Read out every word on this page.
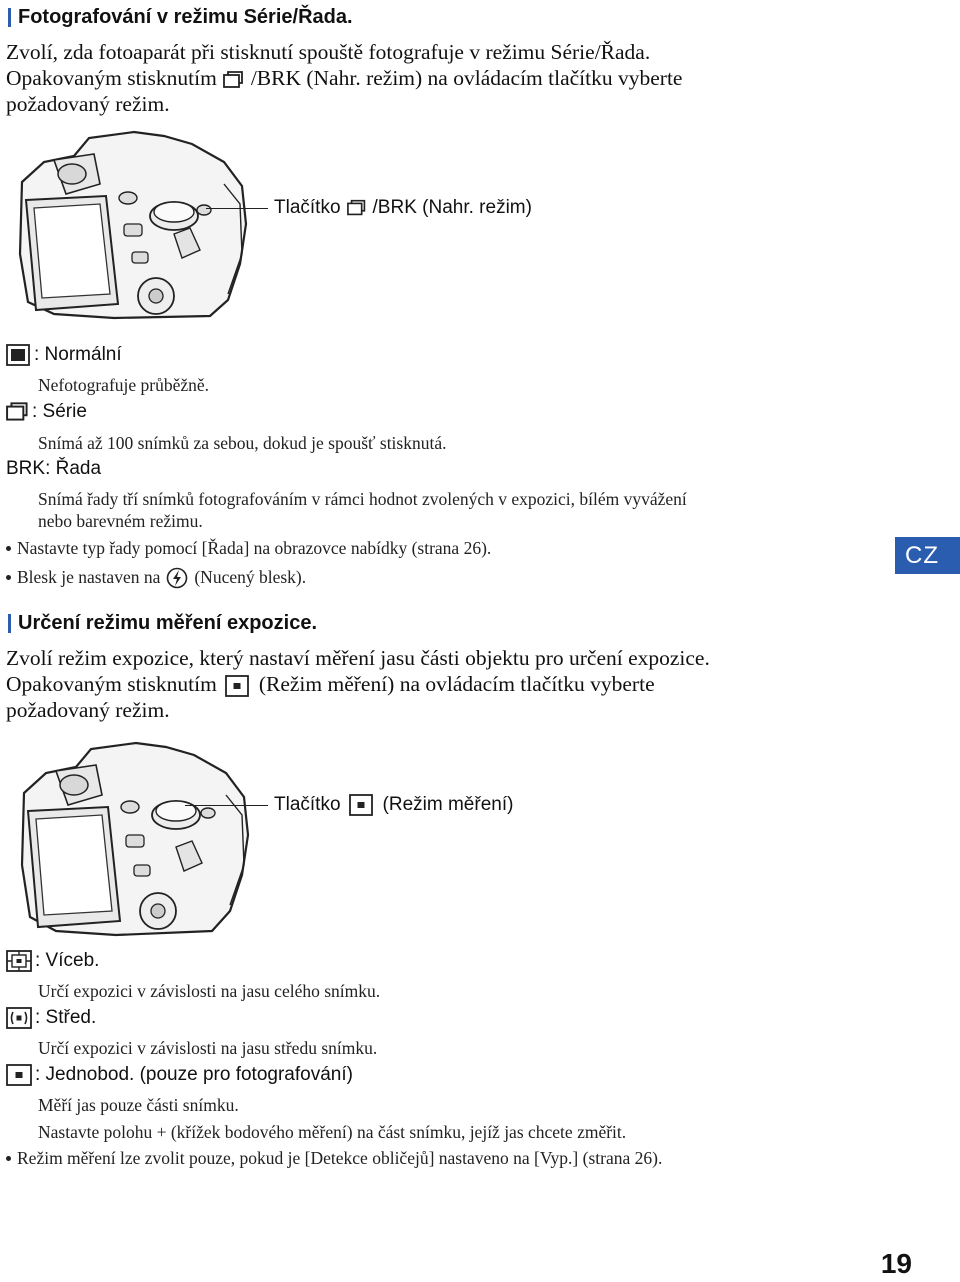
Fotografování v režimu Série/Řada.
Zvolí, zda fotoaparát při stisknutí spouště fotografuje v režimu Série/Řada.
Opakovaným stisknutím /BRK (Nahr. režim) na ovládacím tlačítku vyberte
požadovaný režim.
Tlačítko /BRK (Nahr. režim)
: Normální
Nefotografuje průběžně.
: Série
Snímá až 100 snímků za sebou, dokud je spoušť stisknutá.
BRK: Řada
Snímá řady tří snímků fotografováním v rámci hodnot zvolených v expozici, bílém vyvážení
nebo barevném režimu.
Nastavte typ řady pomocí [Řada] na obrazovce nabídky (strana 26).
Blesk je nastaven na (Nucený blesk).
CZ
Určení režimu měření expozice.
Zvolí režim expozice, který nastaví měření jasu části objektu pro určení expozice.
Opakovaným stisknutím (Režim měření) na ovládacím tlačítku vyberte
požadovaný režim.
Tlačítko (Režim měření)
: Víceb.
Určí expozici v závislosti na jasu celého snímku.
: Střed.
Určí expozici v závislosti na jasu středu snímku.
: Jednobod. (pouze pro fotografování)
Měří jas pouze části snímku.
Nastavte polohu + (křížek bodového měření) na část snímku, jejíž jas chcete změřit.
Režim měření lze zvolit pouze, pokud je [Detekce obličejů] nastaveno na [Vyp.] (strana 26).
19
